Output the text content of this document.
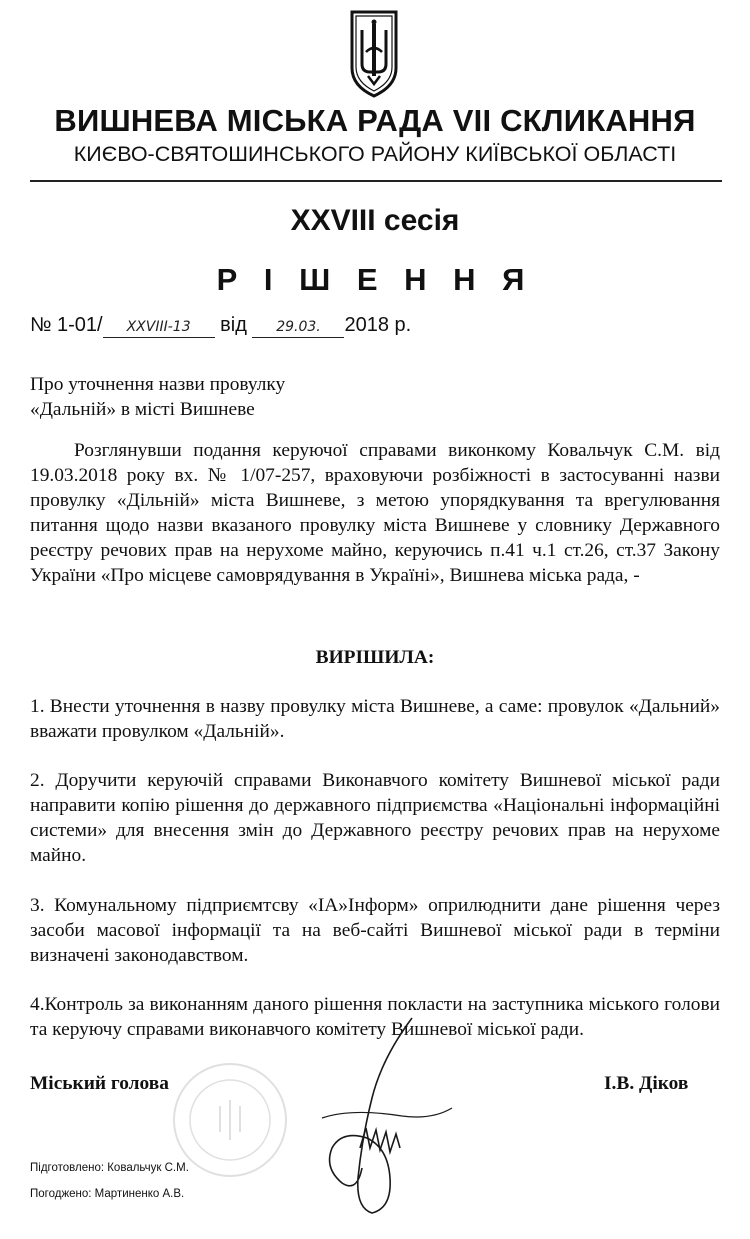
ВИШНЕВА МІСЬКА РАДА VII СКЛИКАННЯ
КИЄВО-СВЯТОШИНСЬКОГО РАЙОНУ КИЇВСЬКОЇ ОБЛАСТІ
XXVIII сесія
Р І Ш Е Н Н Я
№ 1-01/ XXVIII-13 від 29.03. 2018 р.
Про уточнення назви провулку
«Дальній» в місті Вишневе
Розглянувши подання керуючої справами виконкому Ковальчук С.М. від 19.03.2018 року вх. № 1/07-257, враховуючи розбіжності в застосуванні назви провулку «Дільній» міста Вишневе, з метою упорядкування та врегулювання питання щодо назви вказаного провулку міста Вишневе у словнику Державного реєстру речових прав на нерухоме майно, керуючись п.41 ч.1 ст.26, ст.37 Закону України «Про місцеве самоврядування в Україні», Вишнева міська рада, -
ВИРІШИЛА:
1. Внести уточнення в назву провулку міста Вишневе, а саме: провулок «Дальний» вважати провулком «Дальній».
2. Доручити керуючій справами Виконавчого комітету Вишневої міської ради направити копію рішення до державного підприємства «Національні інформаційні системи» для внесення змін до Державного реєстру речових прав на нерухоме майно.
3. Комунальному підприємтсву «ІА»Інформ» оприлюднити дане рішення через засоби масової інформації та на веб-сайті Вишневої міської ради в терміни визначені законодавством.
4.Контроль за виконанням даного рішення покласти на заступника міського голови та керуючу справами виконавчого комітету Вишневої міської ради.
Міський голова	І.В. Діков
Підготовлено: Ковальчук С.М.
Погоджено: Мартиненко А.В.
